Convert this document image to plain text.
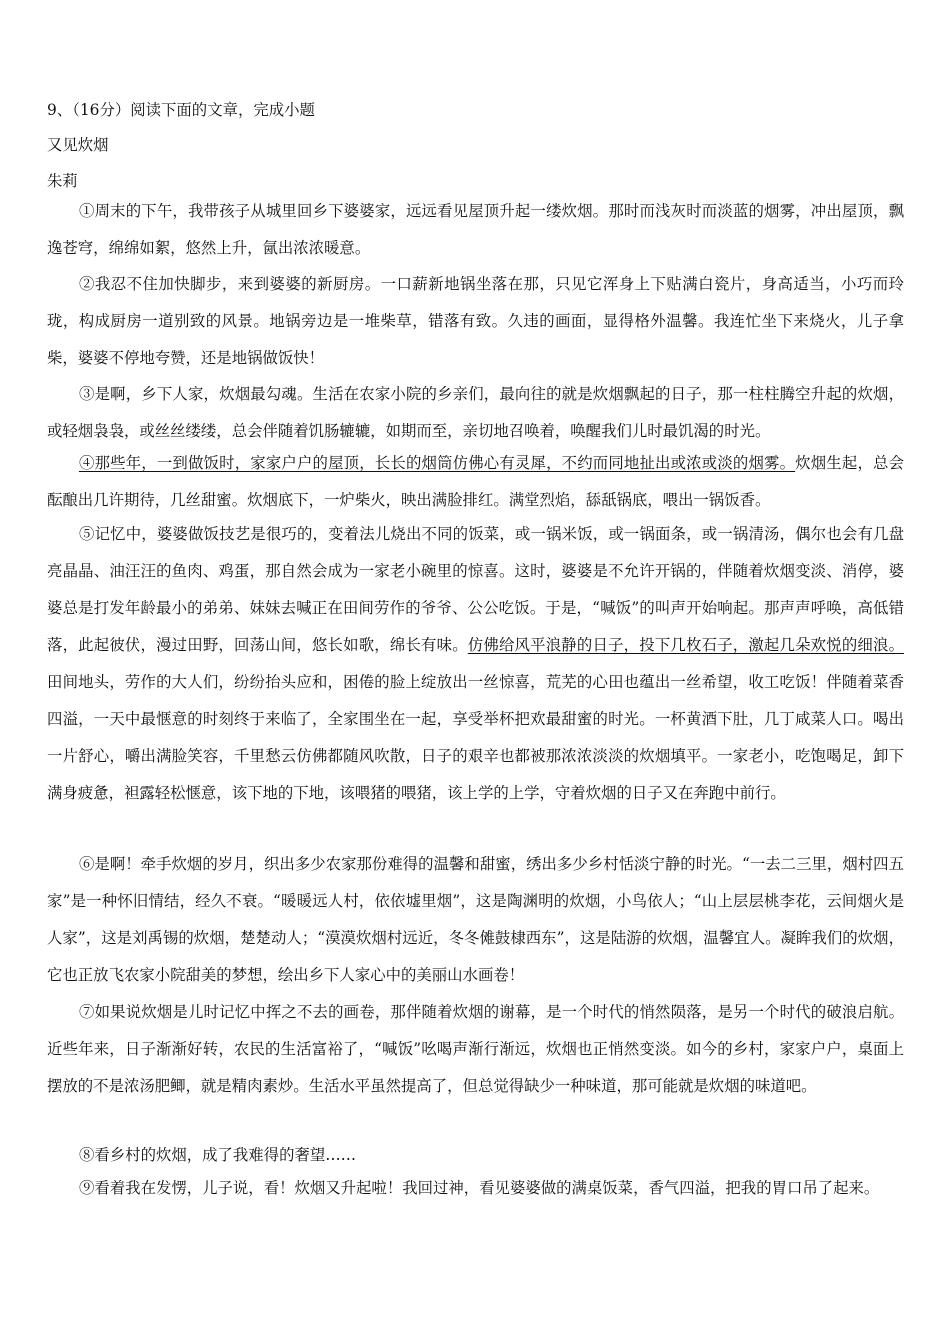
9、（16分）阅读下面的文章，完成小题

又见炊烟

朱莉

①周末的下午，我带孩子从城里回乡下婆婆家，远远看见屋顶升起一缕炊烟。那时而浅灰时而淡蓝的烟雾，冲出屋顶，飘逸苍穹，绵绵如絮，悠然上升，氤出浓浓暖意。

②我忍不住加快脚步，来到婆婆的新厨房。一口薪新地锅坐落在那，只见它浑身上下贴满白瓷片，身高适当，小巧而玲珑，构成厨房一道别致的风景。地锅旁边是一堆柴草，错落有致。久违的画面，显得格外温馨。我连忙坐下来烧火，儿子拿柴，婆婆不停地夸赞，还是地锅做饭快！

③是啊，乡下人家，炊烟最勾魂。生活在农家小院的乡亲们，最向往的就是炊烟飘起的日子，那一柱柱腾空升起的炊烟，或轻烟袅袅，或丝丝缕缕，总会伴随着饥肠辘辘，如期而至，亲切地召唤着，唤醒我们儿时最饥渴的时光。

④那些年，一到做饭时，家家户户的屋顶，长长的烟筒仿佛心有灵犀，不约而同地扯出或浓或淡的烟雾。炊烟生起，总会酝酿出几许期待，几丝甜蜜。炊烟底下，一炉柴火，映出满脸排红。满堂烈焰，舔舐锅底，喂出一锅饭香。

⑤记忆中，婆婆做饭技艺是很巧的，变着法儿烧出不同的饭菜，或一锅米饭，或一锅面条，或一锅清汤，偶尔也会有几盘亮晶晶、油汪汪的鱼肉、鸡蛋，那自然会成为一家老小碗里的惊喜。这时，婆婆是不允许开锅的，伴随着炊烟变淡、消停，婆婆总是打发年龄最小的弟弟、妹妹去喊正在田间劳作的爷爷、公公吃饭。于是，“喊饭”的叫声开始响起。那声声呼唤，高低错落，此起彼伏，漫过田野，回荡山间，悠长如歌，绵长有味。仿佛给风平浪静的日子，投下几枚石子，激起几朵欢悦的细浪。田间地头，劳作的大人们，纷纷抬头应和，困倦的脸上绽放出一丝惊喜，荒芜的心田也蕴出一丝希望，收工吃饭！伴随着菜香四溢，一天中最惬意的时刻终于来临了，全家围坐在一起，享受举杯把欢最甜蜜的时光。一杯黄酒下肚，几丁咸菜人口。喝出一片舒心，嚼出满脸笑容，千里愁云仿佛都随风吹散，日子的艰辛也都被那浓浓淡淡的炊烟填平。一家老小，吃饱喝足，卸下满身疲惫，袒露轻松惬意，该下地的下地，该喂猪的喂猪，该上学的上学，守着炊烟的日子又在奔跑中前行。

⑥是啊！牵手炊烟的岁月，织出多少农家那份难得的温馨和甜蜜，绣出多少乡村恬淡宁静的时光。“一去二三里，烟村四五家”是一种怀旧情结，经久不衰。“暖暖远人村，依依墟里烟”，这是陶渊明的炊烟，小鸟依人；“山上层层桃李花，云间烟火是人家”，这是刘禹锡的炊烟，楚楚动人；“漠漠炊烟村远近，冬冬傩鼓棣西东”，这是陆游的炊烟，温馨宜人。凝眸我们的炊烟，它也正放飞农家小院甜美的梦想，绘出乡下人家心中的美丽山水画卷！

⑦如果说炊烟是儿时记忆中挥之不去的画卷，那伴随着炊烟的谢幕，是一个时代的悄然陨落，是另一个时代的破浪启航。近些年来，日子渐渐好转，农民的生活富裕了，“喊饭”吆喝声渐行渐远，炊烟也正悄然变淡。如今的乡村，家家户户，桌面上摆放的不是浓汤肥鲫，就是精肉素炒。生活水平虽然提高了，但总觉得缺少一种味道，那可能就是炊烟的味道吧。

⑧看乡村的炊烟，成了我难得的奢望……

⑨看着我在发愣，儿子说，看！炊烟又升起啦！我回过神，看见婆婆做的满桌饭菜，香气四溢，把我的胃口吊了起来。
